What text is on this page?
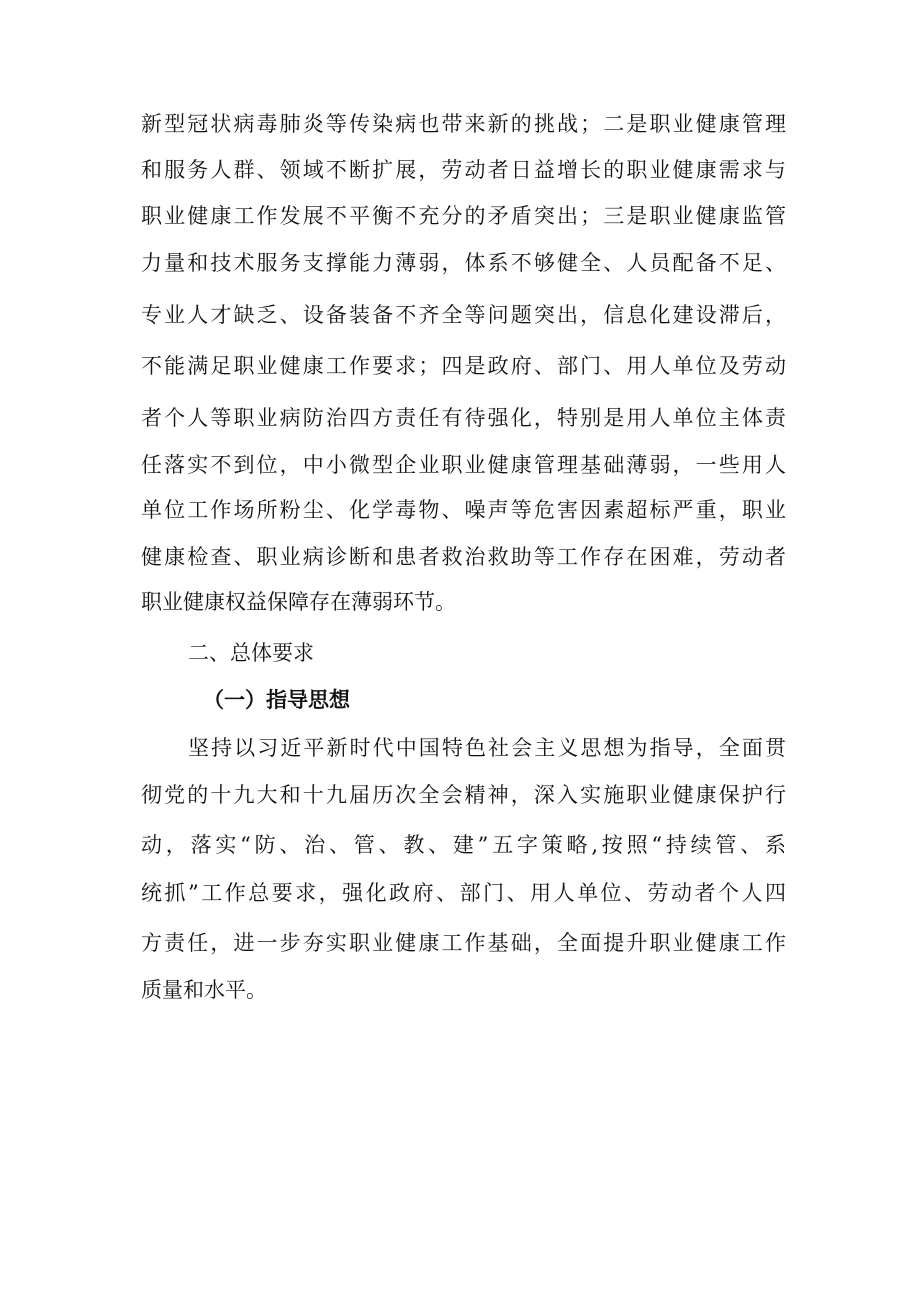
新型冠状病毒肺炎等传染病也带来新的挑战；二是职业健康管理
和服务人群、领域不断扩展，劳动者日益增长的职业健康需求与
职业健康工作发展不平衡不充分的矛盾突出；三是职业健康监管
力量和技术服务支撑能力薄弱，体系不够健全、人员配备不足、
专业人才缺乏、设备装备不齐全等问题突出，信息化建设滞后，
不能满足职业健康工作要求；四是政府、部门、用人单位及劳动
者个人等职业病防治四方责任有待强化，特别是用人单位主体责
任落实不到位，中小微型企业职业健康管理基础薄弱，一些用人
单位工作场所粉尘、化学毒物、噪声等危害因素超标严重，职业
健康检查、职业病诊断和患者救治救助等工作存在困难，劳动者
职业健康权益保障存在薄弱环节。
二、总体要求
（一）指导思想
坚持以习近平新时代中国特色社会主义思想为指导，全面贯
彻党的十九大和十九届历次全会精神，深入实施职业健康保护行
动，落实“防、治、管、教、建”五字策略,按照“持续管、系
统抓”工作总要求，强化政府、部门、用人单位、劳动者个人四
方责任，进一步夯实职业健康工作基础，全面提升职业健康工作
质量和水平。
